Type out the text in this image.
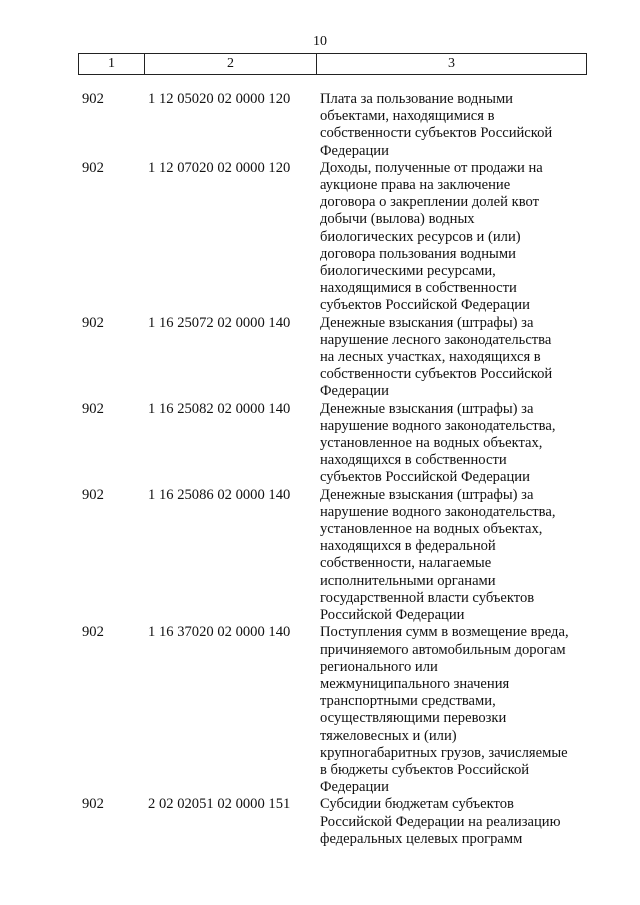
10
1	2	3
902	1 12 05020 02 0000 120	Плата за пользование водными
объектами, находящимися в
собственности субъектов Российской
Федерации
902	1 12 07020 02 0000 120	Доходы, полученные от продажи на
аукционе права на заключение
договора о закреплении долей квот
добычи (вылова) водных
биологических ресурсов и (или)
договора пользования водными
биологическими ресурсами,
находящимися в собственности
субъектов Российской Федерации
902	1 16 25072 02 0000 140	Денежные взыскания (штрафы) за
нарушение лесного законодательства
на лесных участках, находящихся в
собственности субъектов Российской
Федерации
902	1 16 25082 02 0000 140	Денежные взыскания (штрафы) за
нарушение водного законодательства,
установленное на водных объектах,
находящихся в собственности
субъектов Российской Федерации
902	1 16 25086 02 0000 140	Денежные взыскания (штрафы) за
нарушение водного законодательства,
установленное на водных объектах,
находящихся в федеральной
собственности, налагаемые
исполнительными органами
государственной власти субъектов
Российской Федерации
902	1 16 37020 02 0000 140	Поступления сумм в возмещение вреда,
причиняемого автомобильным дорогам
регионального или
межмуниципального значения
транспортными средствами,
осуществляющими перевозки
тяжеловесных и (или)
крупногабаритных грузов, зачисляемые
в бюджеты субъектов Российской
Федерации
902	2 02 02051 02 0000 151	Субсидии бюджетам субъектов
Российской Федерации на реализацию
федеральных целевых программ
